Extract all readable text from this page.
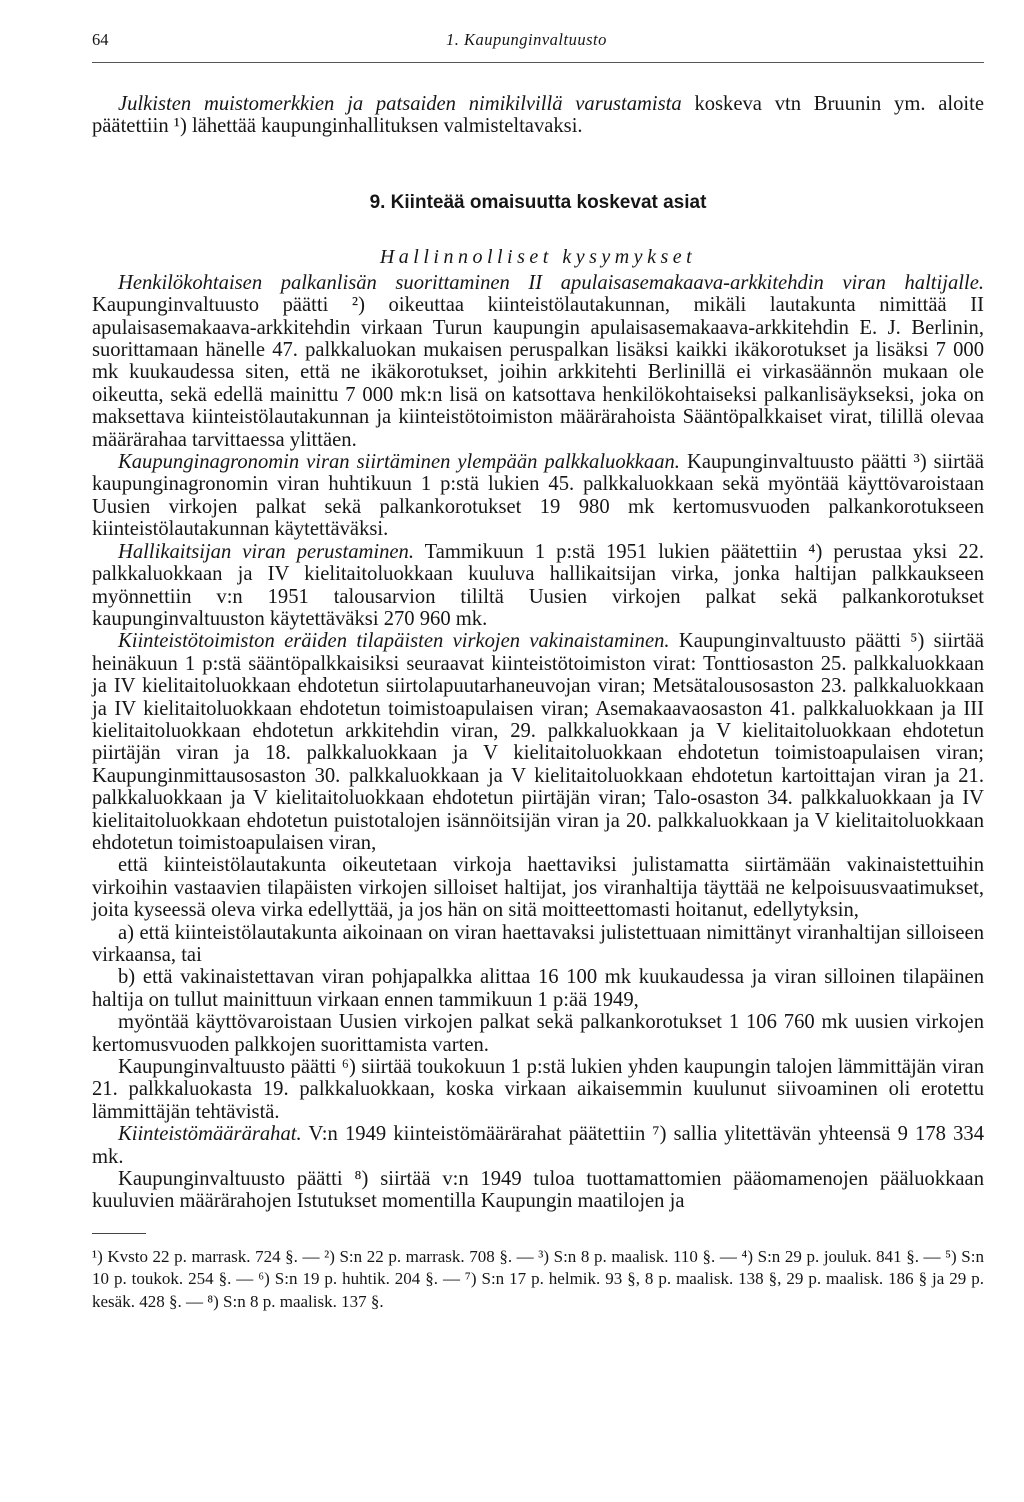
64	1. Kaupunginvaltuusto

Julkisten muistomerkkien ja patsaiden nimikilvillä varustamista koskeva vtn Bruunin ym. aloite päätettiin ¹) lähettää kaupunginhallituksen valmisteltavaksi.

9. Kiinteää omaisuutta koskevat asiat
Hallinnolliset kysymykset

Henkilökohtaisen palkanlisän suorittaminen II apulaisasemakaava-arkkitehdin viran haltijalle. Kaupunginvaltuusto päätti ²) oikeuttaa kiinteistölautakunnan, mikäli lautakunta nimittää II apulaisasemakaava-arkkitehdin virkaan Turun kaupungin apulaisasemakaava-arkkitehdin E. J. Berlinin, suorittamaan hänelle 47. palkkaluokan mukaisen peruspalkan lisäksi kaikki ikäkorotukset ja lisäksi 7 000 mk kuukaudessa siten, että ne ikäkorotukset, joihin arkkitehti Berlinillä ei virkasäännön mukaan ole oikeutta, sekä edellä mainittu 7 000 mk:n lisä on katsottava henkilökohtaiseksi palkanlisäykseksi, joka on maksettava kiinteistölautakunnan ja kiinteistötoimiston määrärahoista Sääntöpalkkaiset virat, tilillä olevaa määrärahaa tarvittaessa ylittäen.

Kaupunginagronomin viran siirtäminen ylempään palkkaluokkaan. Kaupunginvaltuusto päätti ³) siirtää kaupunginagronomin viran huhtikuun 1 p:stä lukien 45. palkkaluokkaan sekä myöntää käyttövaroistaan Uusien virkojen palkat sekä palkankorotukset 19 980 mk kertomusvuoden palkankorotukseen kiinteistölautakunnan käytettäväksi.

Hallikaitsijan viran perustaminen. Tammikuun 1 p:stä 1951 lukien päätettiin ⁴) perustaa yksi 22. palkkaluokkaan ja IV kielitaitoluokkaan kuuluva hallikaitsijan virka, jonka haltijan palkkaukseen myönnettiin v:n 1951 talousarvion tililtä Uusien virkojen palkat sekä palkankorotukset kaupunginvaltuuston käytettäväksi 270 960 mk.

Kiinteistötoimiston eräiden tilapäisten virkojen vakinaistaminen. Kaupunginvaltuusto päätti ⁵) siirtää heinäkuun 1 p:stä sääntöpalkkaisiksi seuraavat kiinteistötoimiston virat: Tonttiosaston 25. palkkaluokkaan ja IV kielitaitoluokkaan ehdotetun siirtolapuutarhaneuvojan viran; Metsätalousosaston 23. palkkaluokkaan ja IV kielitaitoluokkaan ehdotetun toimistoapulaisen viran; Asemakaavaosaston 41. palkkaluokkaan ja III kielitaitoluokkaan ehdotetun arkkitehdin viran, 29. palkkaluokkaan ja V kielitaitoluokkaan ehdotetun piirtäjän viran ja 18. palkkaluokkaan ja V kielitaitoluokkaan ehdotetun toimistoapulaisen viran; Kaupunginmittausosaston 30. palkkaluokkaan ja V kielitaitoluokkaan ehdotetun kartoittajan viran ja 21. palkkaluokkaan ja V kielitaitoluokkaan ehdotetun piirtäjän viran; Talo-osaston 34. palkkaluokkaan ja IV kielitaitoluokkaan ehdotetun puistotalojen isännöitsijän viran ja 20. palkkaluokkaan ja V kielitaitoluokkaan ehdotetun toimistoapulaisen viran,

että kiinteistölautakunta oikeutetaan virkoja haettaviksi julistamatta siirtämään vakinaistettuihin virkoihin vastaavien tilapäisten virkojen silloiset haltijat, jos viranhaltija täyttää ne kelpoisuusvaatimukset, joita kyseessä oleva virka edellyttää, ja jos hän on sitä moitteettomasti hoitanut, edellytyksin,

a) että kiinteistölautakunta aikoinaan on viran haettavaksi julistettuaan nimittänyt viranhaltijan silloiseen virkaansa, tai

b) että vakinaistettavan viran pohjapalkka alittaa 16 100 mk kuukaudessa ja viran silloinen tilapäinen haltija on tullut mainittuun virkaan ennen tammikuun 1 p:ää 1949,

myöntää käyttövaroistaan Uusien virkojen palkat sekä palkankorotukset 1 106 760 mk uusien virkojen kertomusvuoden palkkojen suorittamista varten.

Kaupunginvaltuusto päätti ⁶) siirtää toukokuun 1 p:stä lukien yhden kaupungin talojen lämmittäjän viran 21. palkkaluokasta 19. palkkaluokkaan, koska virkaan aikaisemmin kuulunut siivoaminen oli erotettu lämmittäjän tehtävistä.

Kiinteistömäärärahat. V:n 1949 kiinteistömäärärahat päätettiin ⁷) sallia ylitettävän yhteensä 9 178 334 mk.

Kaupunginvaltuusto päätti ⁸) siirtää v:n 1949 tuloa tuottamattomien pääomamenojen pääluokkaan kuuluvien määrärahojen Istutukset momentilla Kaupungin maatilojen ja

¹) Kvsto 22 p. marrask. 724 §. — ²) S:n 22 p. marrask. 708 §. — ³) S:n 8 p. maalisk. 110 §. — ⁴) S:n 29 p. jouluk. 841 §. — ⁵) S:n 10 p. toukok. 254 §. — ⁶) S:n 19 p. huhtik. 204 §. — ⁷) S:n 17 p. helmik. 93 §, 8 p. maalisk. 138 §, 29 p. maalisk. 186 § ja 29 p. kesäk. 428 §. — ⁸) S:n 8 p. maalisk. 137 §.
